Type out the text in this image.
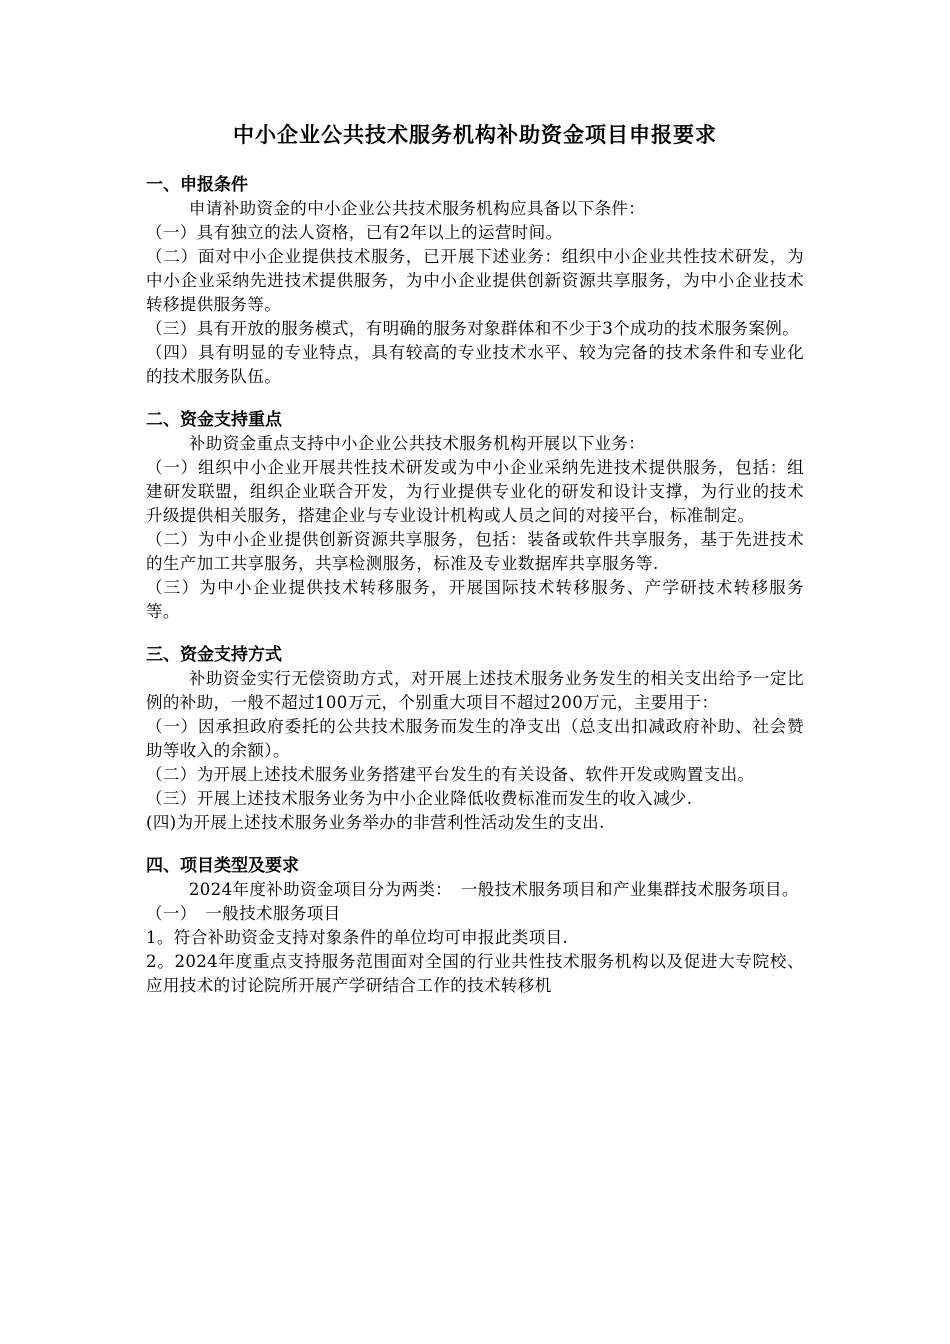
中小企业公共技术服务机构补助资金项目申报要求
一、申报条件

申请补助资金的中小企业公共技术服务机构应具备以下条件：

（一）具有独立的法人资格，已有2年以上的运营时间。

（二）面对中小企业提供技术服务，已开展下述业务：组织中小企业共性技术研发，为中小企业采纳先进技术提供服务，为中小企业提供创新资源共享服务，为中小企业技术转移提供服务等。

（三）具有开放的服务模式，有明确的服务对象群体和不少于3个成功的技术服务案例。

（四）具有明显的专业特点，具有较高的专业技术水平、较为完备的技术条件和专业化的技术服务队伍。

二、资金支持重点

补助资金重点支持中小企业公共技术服务机构开展以下业务：

（一）组织中小企业开展共性技术研发或为中小企业采纳先进技术提供服务，包括：组建研发联盟，组织企业联合开发，为行业提供专业化的研发和设计支撑，为行业的技术升级提供相关服务，搭建企业与专业设计机构或人员之间的对接平台，标准制定。

（二）为中小企业提供创新资源共享服务，包括：装备或软件共享服务，基于先进技术的生产加工共享服务，共享检测服务，标准及专业数据库共享服务等.

（三）为中小企业提供技术转移服务，开展国际技术转移服务、产学研技术转移服务等。

三、资金支持方式

补助资金实行无偿资助方式，对开展上述技术服务业务发生的相关支出给予一定比例的补助，一般不超过100万元，个别重大项目不超过200万元，主要用于：

（一）因承担政府委托的公共技术服务而发生的净支出（总支出扣减政府补助、社会赞助等收入的余额）。

（二）为开展上述技术服务业务搭建平台发生的有关设备、软件开发或购置支出。

（三）开展上述技术服务业务为中小企业降低收费标准而发生的收入减少.

(四)为开展上述技术服务业务举办的非营利性活动发生的支出.

四、项目类型及要求

2024年度补助资金项目分为两类：　一般技术服务项目和产业集群技术服务项目。

（一）　一般技术服务项目

1。符合补助资金支持对象条件的单位均可申报此类项目.

2。2024年度重点支持服务范围面对全国的行业共性技术服务机构以及促进大专院校、应用技术的讨论院所开展产学研结合工作的技术转移机
